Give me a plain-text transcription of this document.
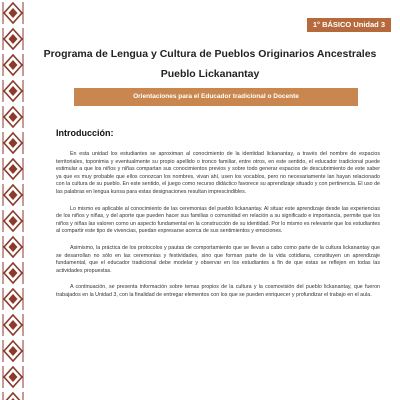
1° BÁSICO Unidad 3
Programa de Lengua y Cultura de Pueblos Originarios Ancestrales
Pueblo Lickanantay
Orientaciones para el Educador tradicional o Docente
Introducción:

En esta unidad los estudiantes se aproximan al conocimiento de la identidad lickanantay, a través del nombre de espacios territoriales, toponimia y eventualmente su propio apellido o tronco familiar, entre otros, en este sentido, el educador tradicional puede estimular a que los niños y niñas compartan sus conocimientos previos y sobre todo generar espacios de descubrimiento de este saber ya que es muy probable que ellos conozcan los nombres, vivan ahí, usen los vocablos, pero no necesariamente lan hayan relacionado con la cultura de su pueblo. En este sentido, el juego como recurso didáctico favorece su aprendizaje situado y con pertinencia. El uso de las palabras en lengua kunsa para estas designaciones resultan imprescindibles.

Lo mismo es aplicable al conocimiento de las ceremonias del pueblo lickanantay. Al situar este aprendizaje desde las experiencias de los niños y niñas, y del aporte que pueden hacer sus familias o comunidad en relación a su significado e importancia, permite que los niños y niñas las valoren como un aspecto fundamental en la construcción de su identidad. Por lo mismo es relevante que los estudiantes al compartir este tipo de vivencias, puedan expresarse acerca de sus sentimientos y emociones.

Asimismo, la práctica de los protocolos y pautas de comportamiento que se llevan a cabo como parte de la cultura lickanantay que se desarrollan no sólo en las ceremonias y festividades, sino que forman parte de la vida cotidiana, constituyen un aprendizaje fundamental, que el educador tradicional debe modelar y observar en los estudiantes a fin de que estas se reflejen en todas las actividades propuestas.

A continuación, se presenta información sobre temas propios de la cultura y la cosmovisión del pueblo lickanantay, que fueron trabajados en la Unidad 3, con la finalidad de entregar elementos con los que se pueden enriquecer y profundizar el trabajo en el aula.
